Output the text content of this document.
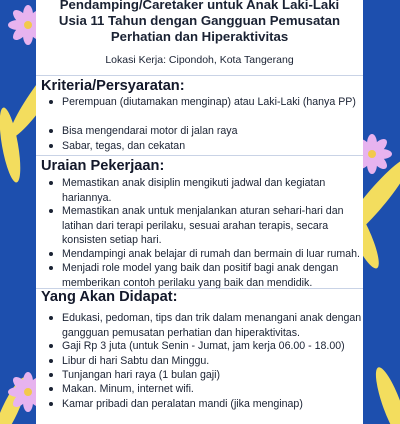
Pendamping/Caretaker untuk Anak Laki-Laki
Usia 11 Tahun dengan Gangguan Pemusatan
Perhatian dan Hiperaktivitas
Lokasi Kerja: Cipondoh, Kota Tangerang
Kriteria/Persyaratan:
Perempuan (diutamakan menginap) atau Laki-Laki (hanya PP)
Bisa mengendarai motor di jalan raya
Sabar, tegas, dan cekatan
Uraian Pekerjaan:
Memastikan anak disiplin mengikuti jadwal dan kegiatan hariannya.
Memastikan anak untuk menjalankan aturan sehari-hari dan latihan dari terapi perilaku, sesuai arahan terapis, secara konsisten setiap hari.
Mendampingi anak belajar di rumah dan bermain di luar rumah.
Menjadi role model yang baik dan positif bagi anak dengan memberikan contoh perilaku yang baik dan mendidik.
Yang Akan Didapat:
Edukasi, pedoman, tips dan trik dalam menangani anak dengan gangguan pemusatan perhatian dan hiperaktivitas.
Gaji Rp 3 juta (untuk Senin - Jumat, jam kerja 06.00 - 18.00)
Libur di hari Sabtu dan Minggu.
Tunjangan hari raya (1 bulan gaji)
Makan. Minum, internet wifi.
Kamar pribadi dan peralatan mandi (jika menginap)
